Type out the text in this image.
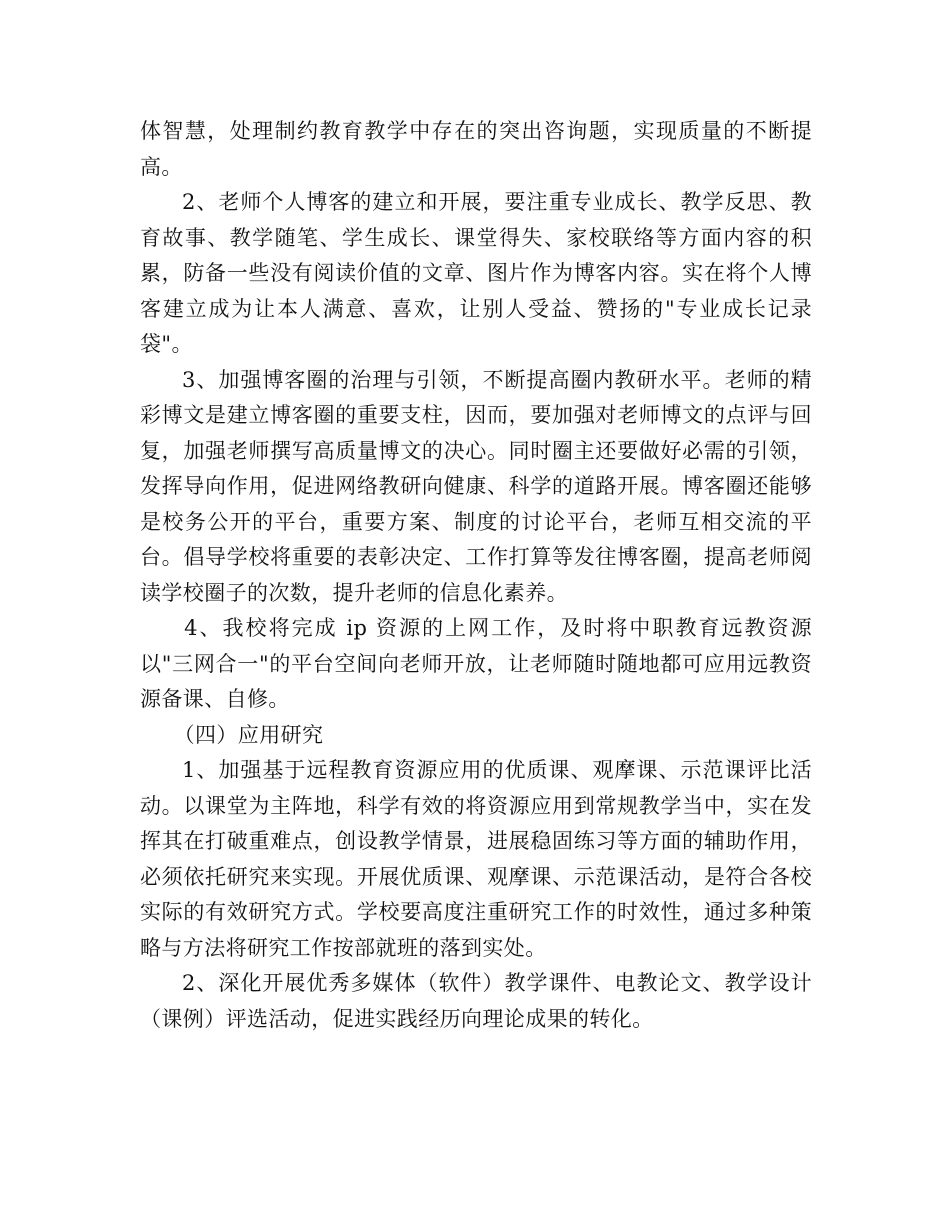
体智慧，处理制约教育教学中存在的突出咨询题，实现质量的不断提高。

2、老师个人博客的建立和开展，要注重专业成长、教学反思、教育故事、教学随笔、学生成长、课堂得失、家校联络等方面内容的积累，防备一些没有阅读价值的文章、图片作为博客内容。实在将个人博客建立成为让本人满意、喜欢，让别人受益、赞扬的"专业成长记录袋"。

3、加强博客圈的治理与引领，不断提高圈内教研水平。老师的精彩博文是建立博客圈的重要支柱，因而，要加强对老师博文的点评与回复，加强老师撰写高质量博文的决心。同时圈主还要做好必需的引领，发挥导向作用，促进网络教研向健康、科学的道路开展。博客圈还能够是校务公开的平台，重要方案、制度的讨论平台，老师互相交流的平台。倡导学校将重要的表彰决定、工作打算等发往博客圈，提高老师阅读学校圈子的次数，提升老师的信息化素养。

4、我校将完成 ip 资源的上网工作，及时将中职教育远教资源以"三网合一"的平台空间向老师开放，让老师随时随地都可应用远教资源备课、自修。

（四）应用研究

1、加强基于远程教育资源应用的优质课、观摩课、示范课评比活动。以课堂为主阵地，科学有效的将资源应用到常规教学当中，实在发挥其在打破重难点，创设教学情景，进展稳固练习等方面的辅助作用，必须依托研究来实现。开展优质课、观摩课、示范课活动，是符合各校实际的有效研究方式。学校要高度注重研究工作的时效性，通过多种策略与方法将研究工作按部就班的落到实处。

2、深化开展优秀多媒体（软件）教学课件、电教论文、教学设计（课例）评选活动，促进实践经历向理论成果的转化。
